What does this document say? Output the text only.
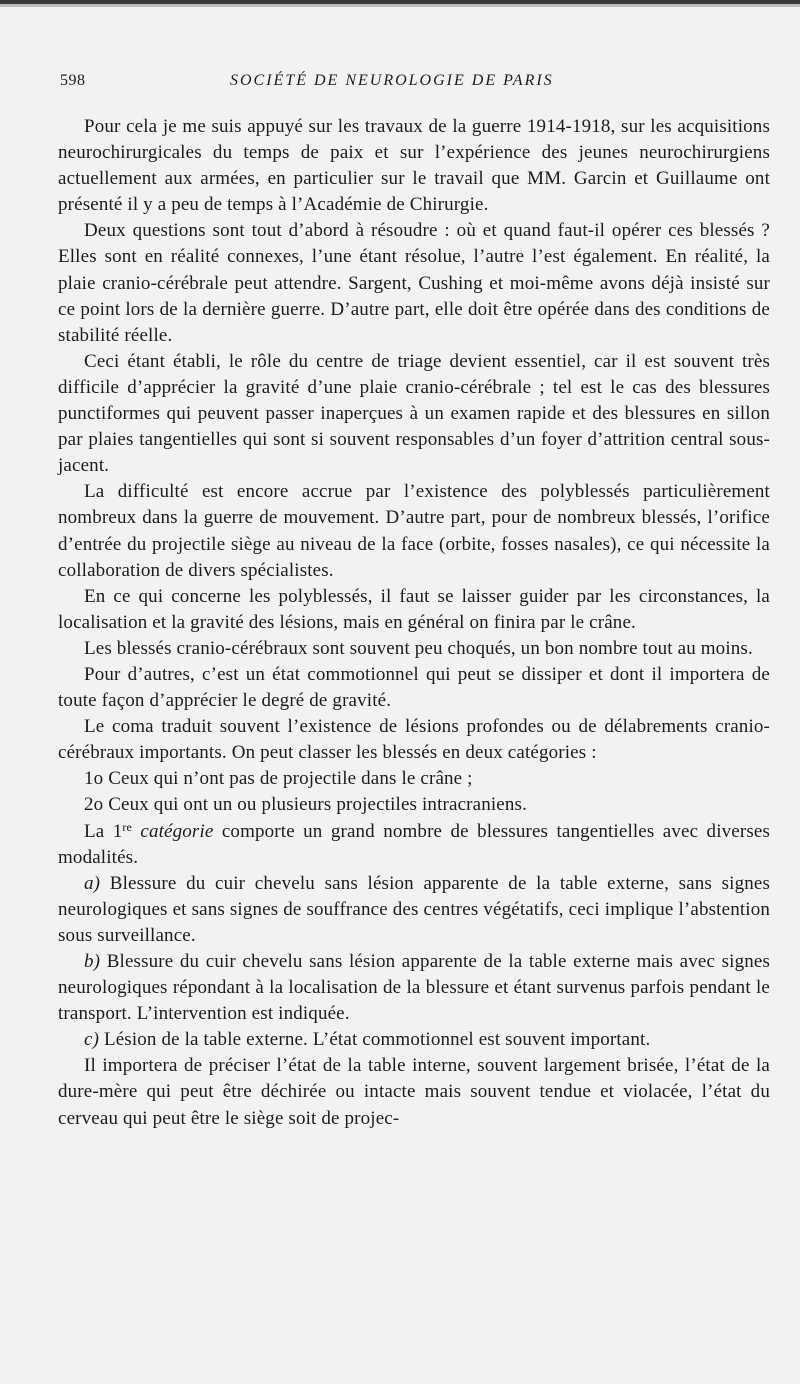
598	SOCIÉTÉ DE NEUROLOGIE DE PARIS

Pour cela je me suis appuyé sur les travaux de la guerre 1914-1918, sur les acquisitions neurochirurgicales du temps de paix et sur l’expérience des jeunes neurochirurgiens actuellement aux armées, en particulier sur le travail que MM. Garcin et Guillaume ont présenté il y a peu de temps à l’Académie de Chirurgie.

Deux questions sont tout d’abord à résoudre : où et quand faut-il opérer ces blessés ? Elles sont en réalité connexes, l’une étant résolue, l’autre l’est également. En réalité, la plaie cranio-cérébrale peut attendre. Sargent, Cushing et moi-même avons déjà insisté sur ce point lors de la dernière guerre. D’autre part, elle doit être opérée dans des conditions de stabilité réelle.

Ceci étant établi, le rôle du centre de triage devient essentiel, car il est souvent très difficile d’apprécier la gravité d’une plaie cranio-cérébrale ; tel est le cas des blessures punctiformes qui peuvent passer inaperçues à un examen rapide et des blessures en sillon par plaies tangentielles qui sont si souvent responsables d’un foyer d’attrition central sous-jacent.

La difficulté est encore accrue par l’existence des polyblessés particulièrement nombreux dans la guerre de mouvement. D’autre part, pour de nombreux blessés, l’orifice d’entrée du projectile siège au niveau de la face (orbite, fosses nasales), ce qui nécessite la collaboration de divers spécialistes.

En ce qui concerne les polyblessés, il faut se laisser guider par les circonstances, la localisation et la gravité des lésions, mais en général on finira par le crâne.

Les blessés cranio-cérébraux sont souvent peu choqués, un bon nombre tout au moins.

Pour d’autres, c’est un état commotionnel qui peut se dissiper et dont il importera de toute façon d’apprécier le degré de gravité.

Le coma traduit souvent l’existence de lésions profondes ou de délabrements cranio-cérébraux importants. On peut classer les blessés en deux catégories :

1o Ceux qui n’ont pas de projectile dans le crâne ;

2o Ceux qui ont un ou plusieurs projectiles intracraniens.

La 1re catégorie comporte un grand nombre de blessures tangentielles avec diverses modalités.

a) Blessure du cuir chevelu sans lésion apparente de la table externe, sans signes neurologiques et sans signes de souffrance des centres végétatifs, ceci implique l’abstention sous surveillance.

b) Blessure du cuir chevelu sans lésion apparente de la table externe mais avec signes neurologiques répondant à la localisation de la blessure et étant survenus parfois pendant le transport. L’intervention est indiquée.

c) Lésion de la table externe. L’état commotionnel est souvent important.

Il importera de préciser l’état de la table interne, souvent largement brisée, l’état de la dure-mère qui peut être déchirée ou intacte mais souvent tendue et violacée, l’état du cerveau qui peut être le siège soit de projec-
